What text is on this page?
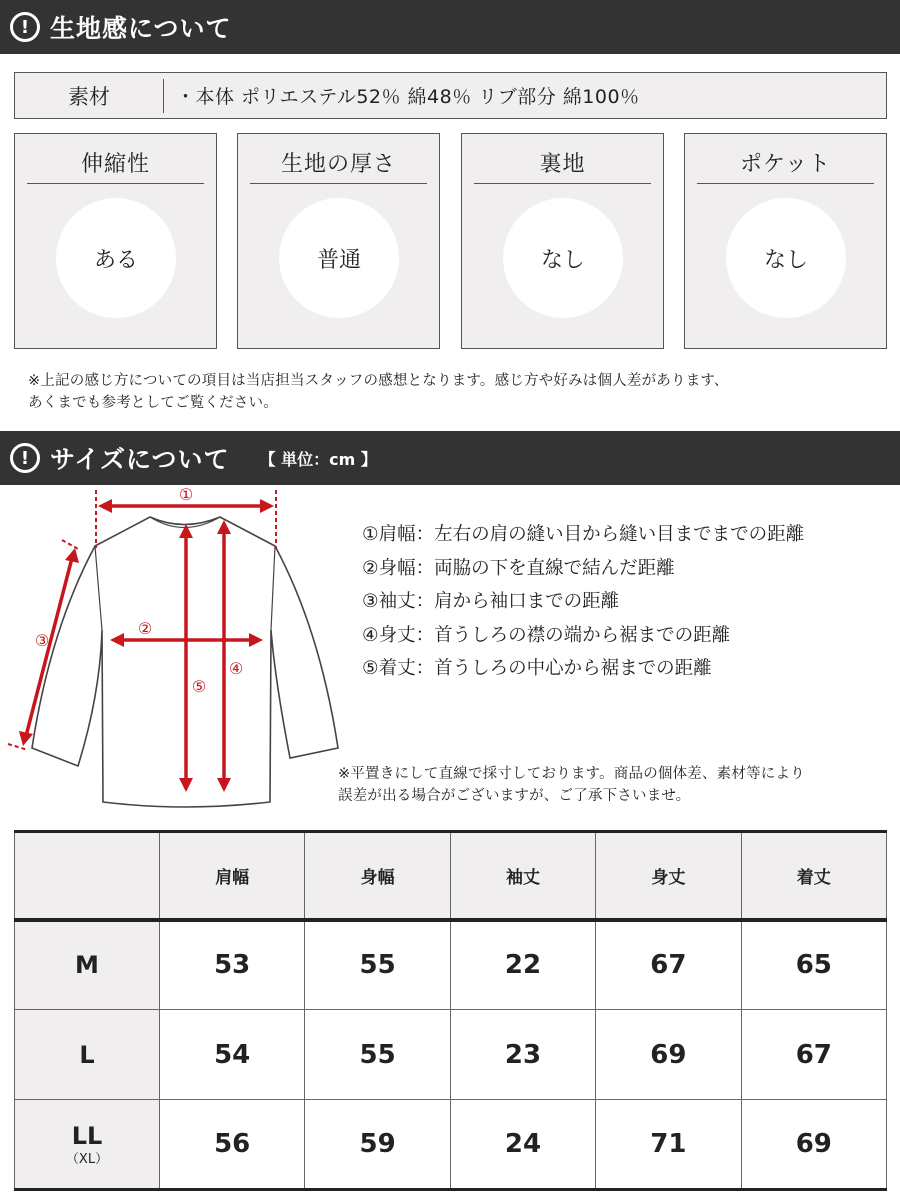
! 生地感について
素材	・本体 ポリエステル52％ 綿48％ リブ部分 綿100％
伸縮性
ある
生地の厚さ
普通
裏地
なし
ポケット
なし
※上記の感じ方についての項目は当店担当スタッフの感想となります。感じ方や好みは個人差があります、
あくまでも参考としてご覧ください。
! サイズについて 【 単位：cm 】
①
②
③
④
⑤
①肩幅：左右の肩の縫い目から縫い目までまでの距離
②身幅：両脇の下を直線で結んだ距離
③袖丈：肩から袖口までの距離
④身丈：首うしろの襟の端から裾までの距離
⑤着丈：首うしろの中心から裾までの距離
※平置きにして直線で採寸しております。商品の個体差、素材等により
誤差が出る場合がございますが、ご了承下さいませ。
	肩幅	身幅	袖丈	身丈	着丈
M	53	55	22	67	65
L	54	55	23	69	67
LL
（XL）	56	59	24	71	69
